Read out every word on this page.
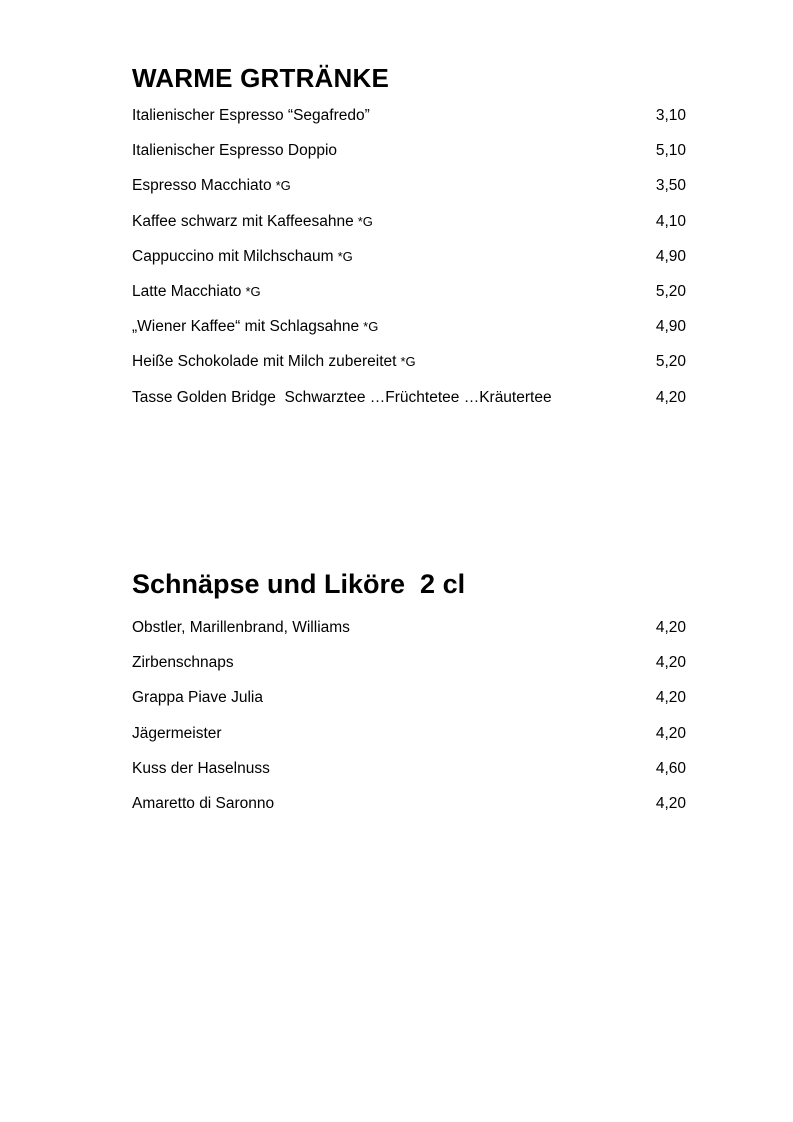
WARME GRTRÄNKE
Italienischer Espresso “Segafredo”	3,10
Italienischer Espresso Doppio	5,10
Espresso Macchiato *G	3,50
Kaffee schwarz mit Kaffeesahne *G	4,10
Cappuccino mit Milchschaum *G	4,90
Latte Macchiato *G	5,20
„Wiener Kaffee“ mit Schlagsahne *G	4,90
Heiße Schokolade mit Milch zubereitet *G	5,20
Tasse Golden Bridge  Schwarztee …Früchtetee …Kräutertee	4,20
Schnäpse und Liköre  2 cl
Obstler, Marillenbrand, Williams	4,20
Zirbenschnaps	4,20
Grappa Piave Julia	4,20
Jägermeister	4,20
Kuss der Haselnuss	4,60
Amaretto di Saronno	4,20
